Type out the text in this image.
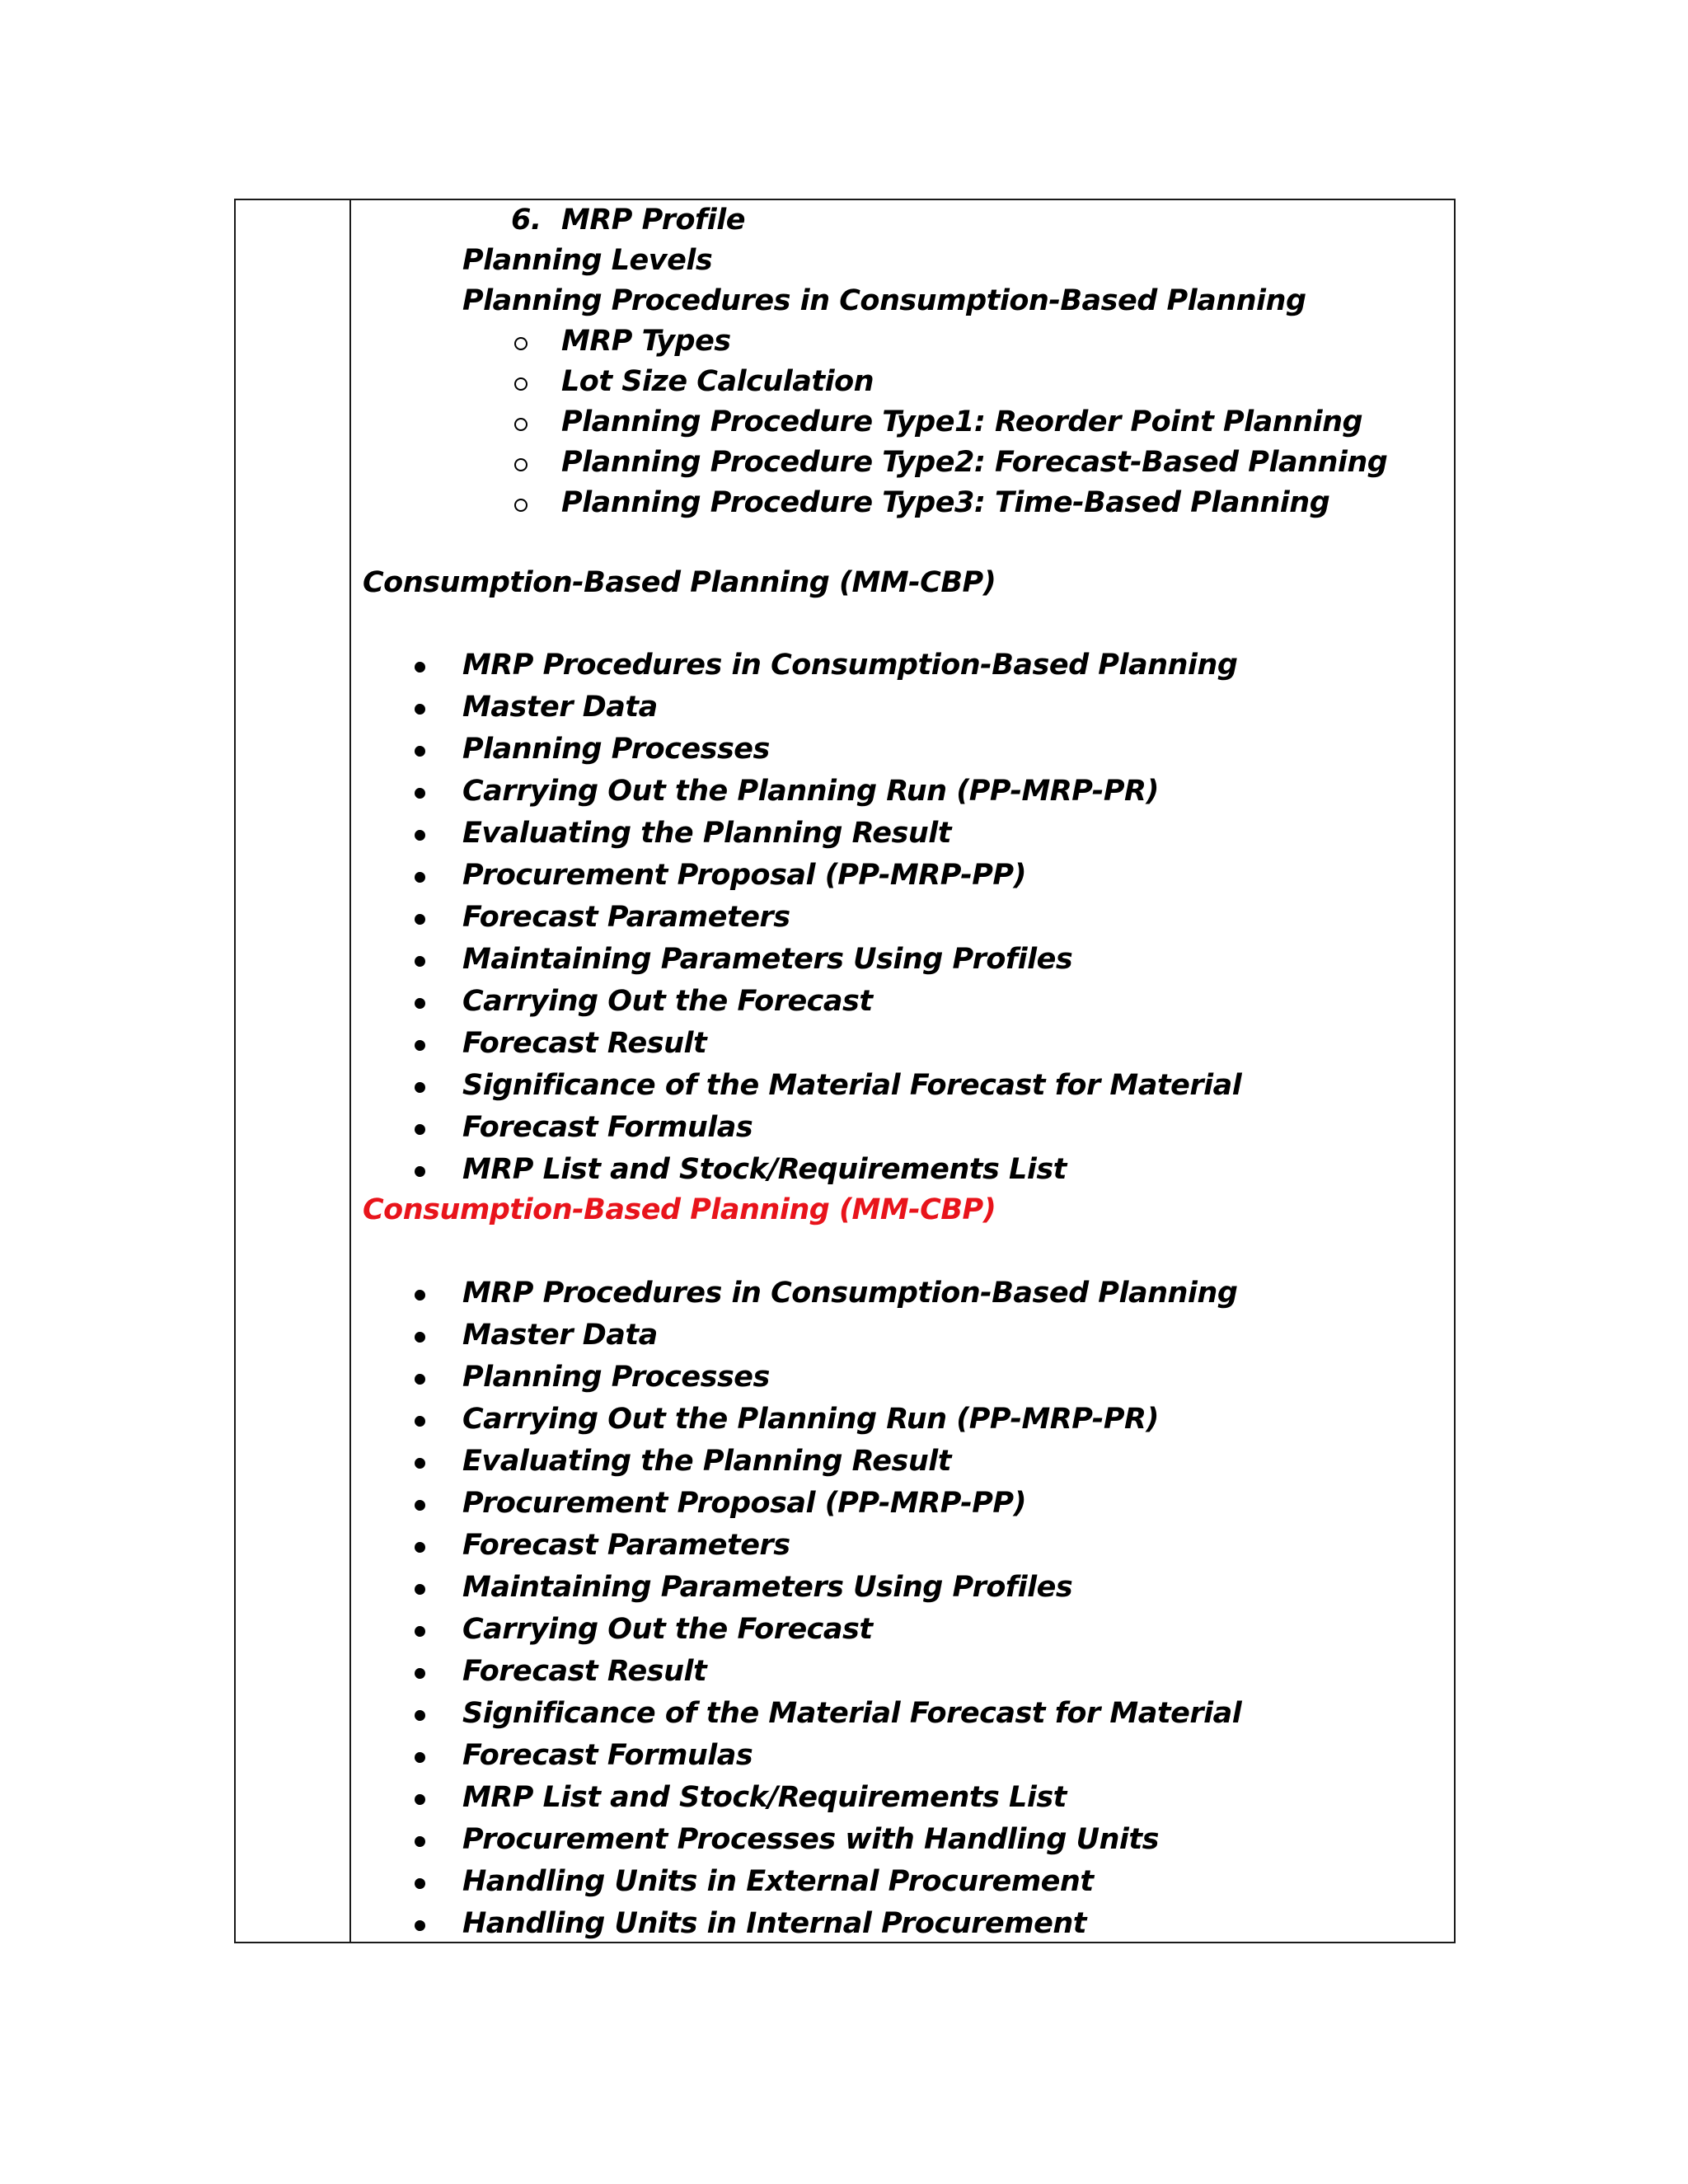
6. MRP Profile
Planning Levels
Planning Procedures in Consumption-Based Planning
MRP Types
Lot Size Calculation
Planning Procedure Type1: Reorder Point Planning
Planning Procedure Type2: Forecast-Based Planning
Planning Procedure Type3: Time-Based Planning
Consumption-Based Planning (MM-CBP)
MRP Procedures in Consumption-Based Planning
Master Data
Planning Processes
Carrying Out the Planning Run (PP-MRP-PR)
Evaluating the Planning Result
Procurement Proposal (PP-MRP-PP)
Forecast Parameters
Maintaining Parameters Using Profiles
Carrying Out the Forecast
Forecast Result
Significance of the Material Forecast for Material
Forecast Formulas
MRP List and Stock/Requirements List
Consumption-Based Planning (MM-CBP)
MRP Procedures in Consumption-Based Planning
Master Data
Planning Processes
Carrying Out the Planning Run (PP-MRP-PR)
Evaluating the Planning Result
Procurement Proposal (PP-MRP-PP)
Forecast Parameters
Maintaining Parameters Using Profiles
Carrying Out the Forecast
Forecast Result
Significance of the Material Forecast for Material
Forecast Formulas
MRP List and Stock/Requirements List
Procurement Processes with Handling Units
Handling Units in External Procurement
Handling Units in Internal Procurement
